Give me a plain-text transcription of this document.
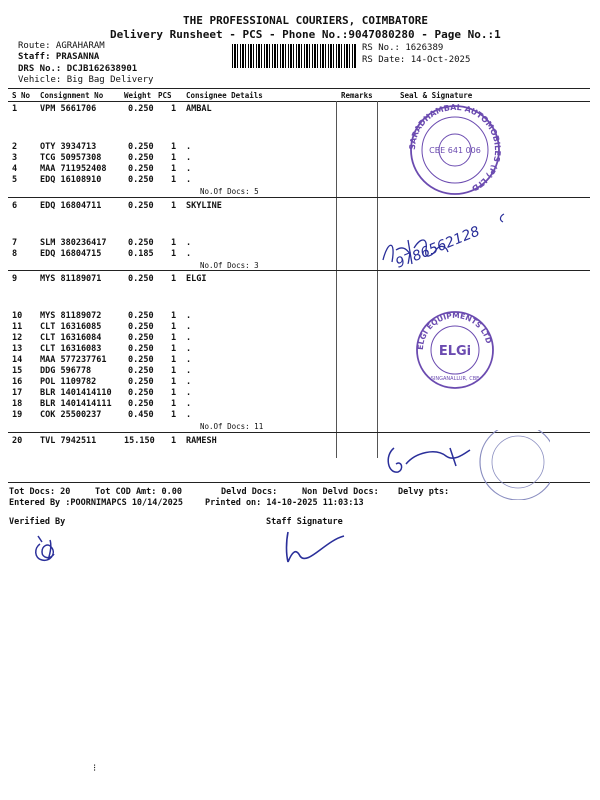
THE PROFESSIONAL COURIERS, COIMBATORE
Delivery Runsheet - PCS - Phone No.:9047080280 - Page No.:1
Route: AGRAHARAM
Staff: PRASANNA
DRS No.: DCJB162638901
Vehicle: Big Bag Delivery
RS No.: 1626389
RS Date: 14-Oct-2025
S No Consignment No	Weight PCS Consignee Details	Remarks	Seal & Signature
1	VPM 5661706	0.250 1 AMBAL
2	OTY 3934713	0.250 1 .
3	TCG 50957308	0.250 1 .
4	MAA 711952408	0.250 1 .
5	EDQ 16108910	0.250 1 .
No.Of Docs: 5
6	EDQ 16804711	0.250 1 SKYLINE
7	SLM 380236417	0.250 1 .
8	EDQ 16804715	0.185 1 .
No.Of Docs: 3
9	MYS 81189071	0.250 1 ELGI
10 MYS 81189072	0.250 1 .
11 CLT 16316085	0.250 1 .
12 CLT 16316084	0.250 1 .
13 CLT 16316083	0.250 1 .
14 MAA 577237761	0.250 1 .
15 DDG 596778	0.250 1 .
16 POL 1109782	0.250 1 .
17 BLR 1401414110 0.250 1 .
18 BLR 1401414111 0.250 1 .
19 COK 25500237	0.450 1 .
No.Of Docs: 11
20 TVL 7942511	15.150 1 RAMESH
SARADHAMBAL AUTOMOBILES (P) LTD
CBE 641 006
9786562128
ELGI EQUIPMENTS LTD
ELGi
SINGANALLUR, CBE
Tot Docs: 20	Tot COD Amt: 0.00	Delvd Docs:	Non Delvd Docs: Delvy pts:
Entered By :POORNIMAPCS 10/14/2025	Printed on: 14-10-2025 11:03:13
Verified By	Staff Signature
⁝
